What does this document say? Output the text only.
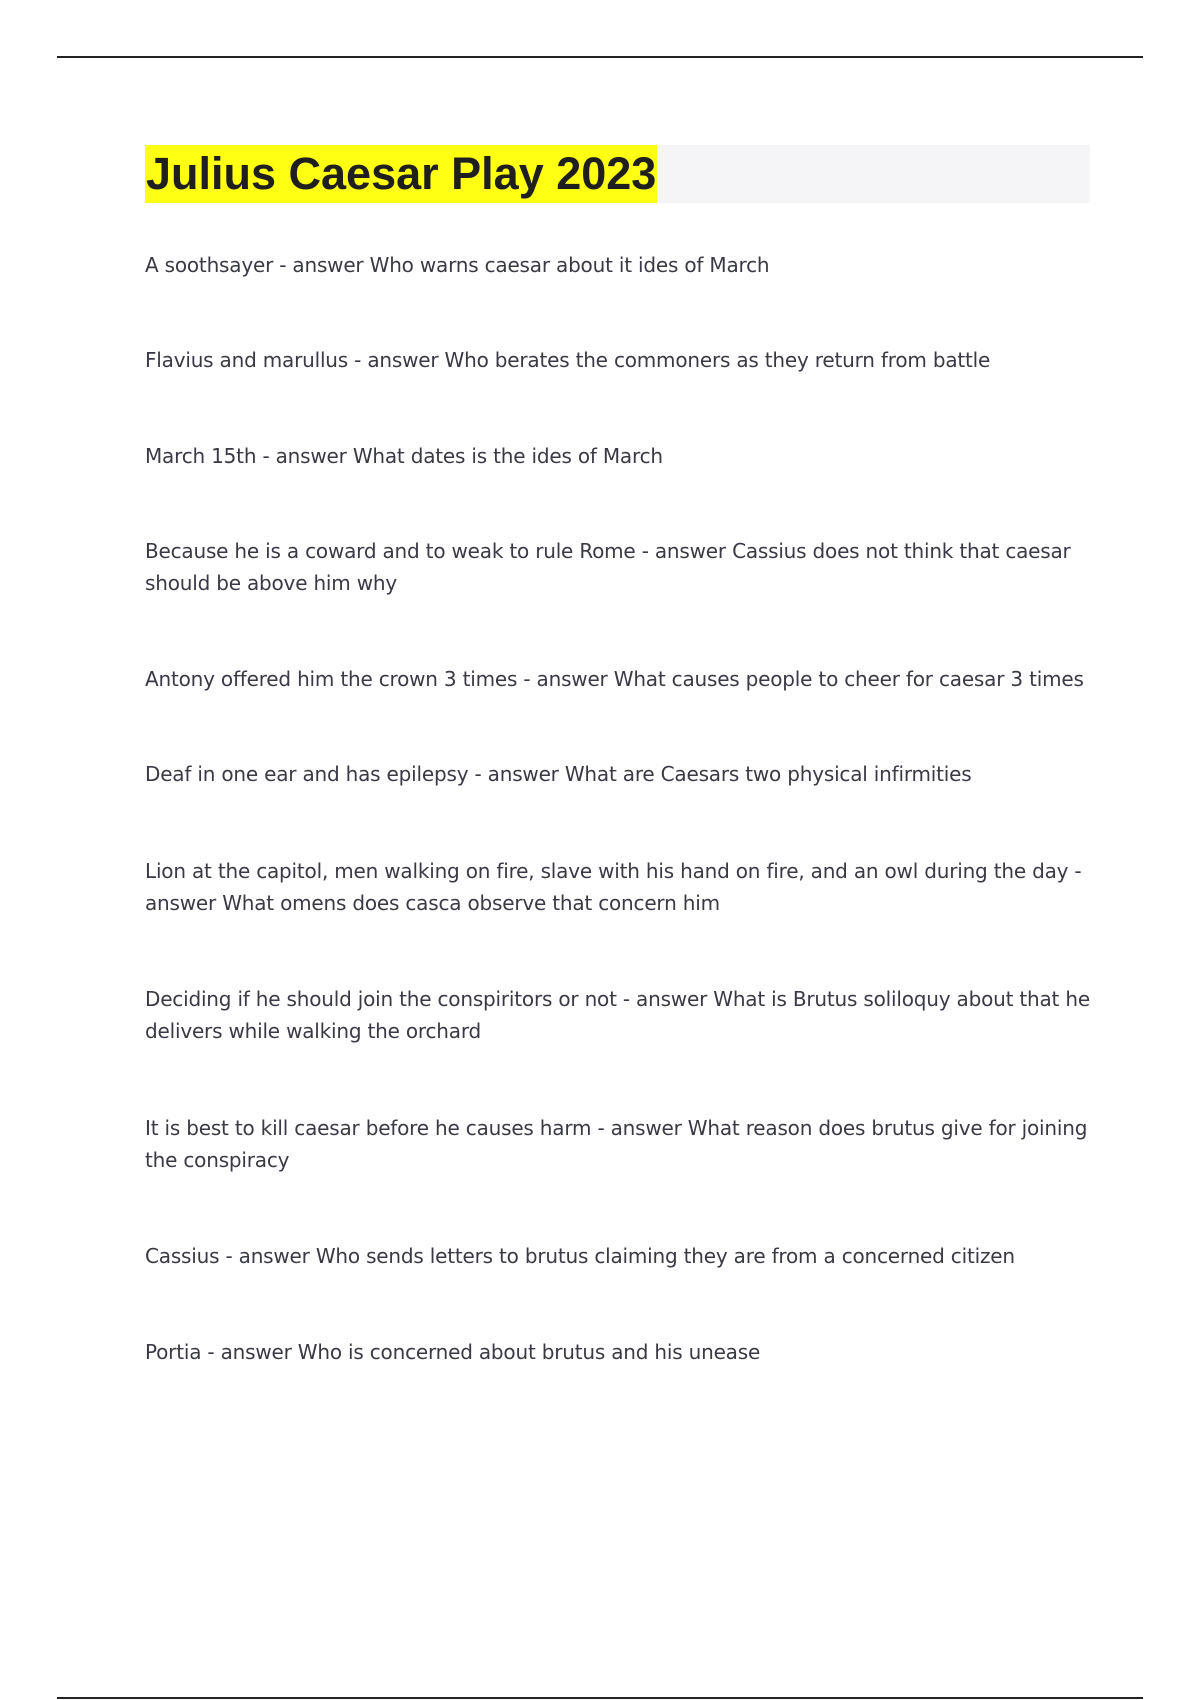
Julius Caesar Play 2023
A soothsayer - answer Who warns caesar about it ides of March
Flavius and marullus - answer Who berates the commoners as they return from battle
March 15th - answer What dates is the ides of March
Because he is a coward and to weak to rule Rome - answer Cassius does not think that caesar should be above him why
Antony offered him the crown 3 times - answer What causes people to cheer for caesar 3 times
Deaf in one ear and has epilepsy - answer What are Caesars two physical infirmities
Lion at the capitol, men walking on fire, slave with his hand on fire, and an owl during the day - answer What omens does casca observe that concern him
Deciding if he should join the conspiritors or not - answer What is Brutus soliloquy about that he delivers while walking the orchard
It is best to kill caesar before he causes harm - answer What reason does brutus give for joining the conspiracy
Cassius - answer Who sends letters to brutus claiming they are from a concerned citizen
Portia - answer Who is concerned about brutus and his unease
